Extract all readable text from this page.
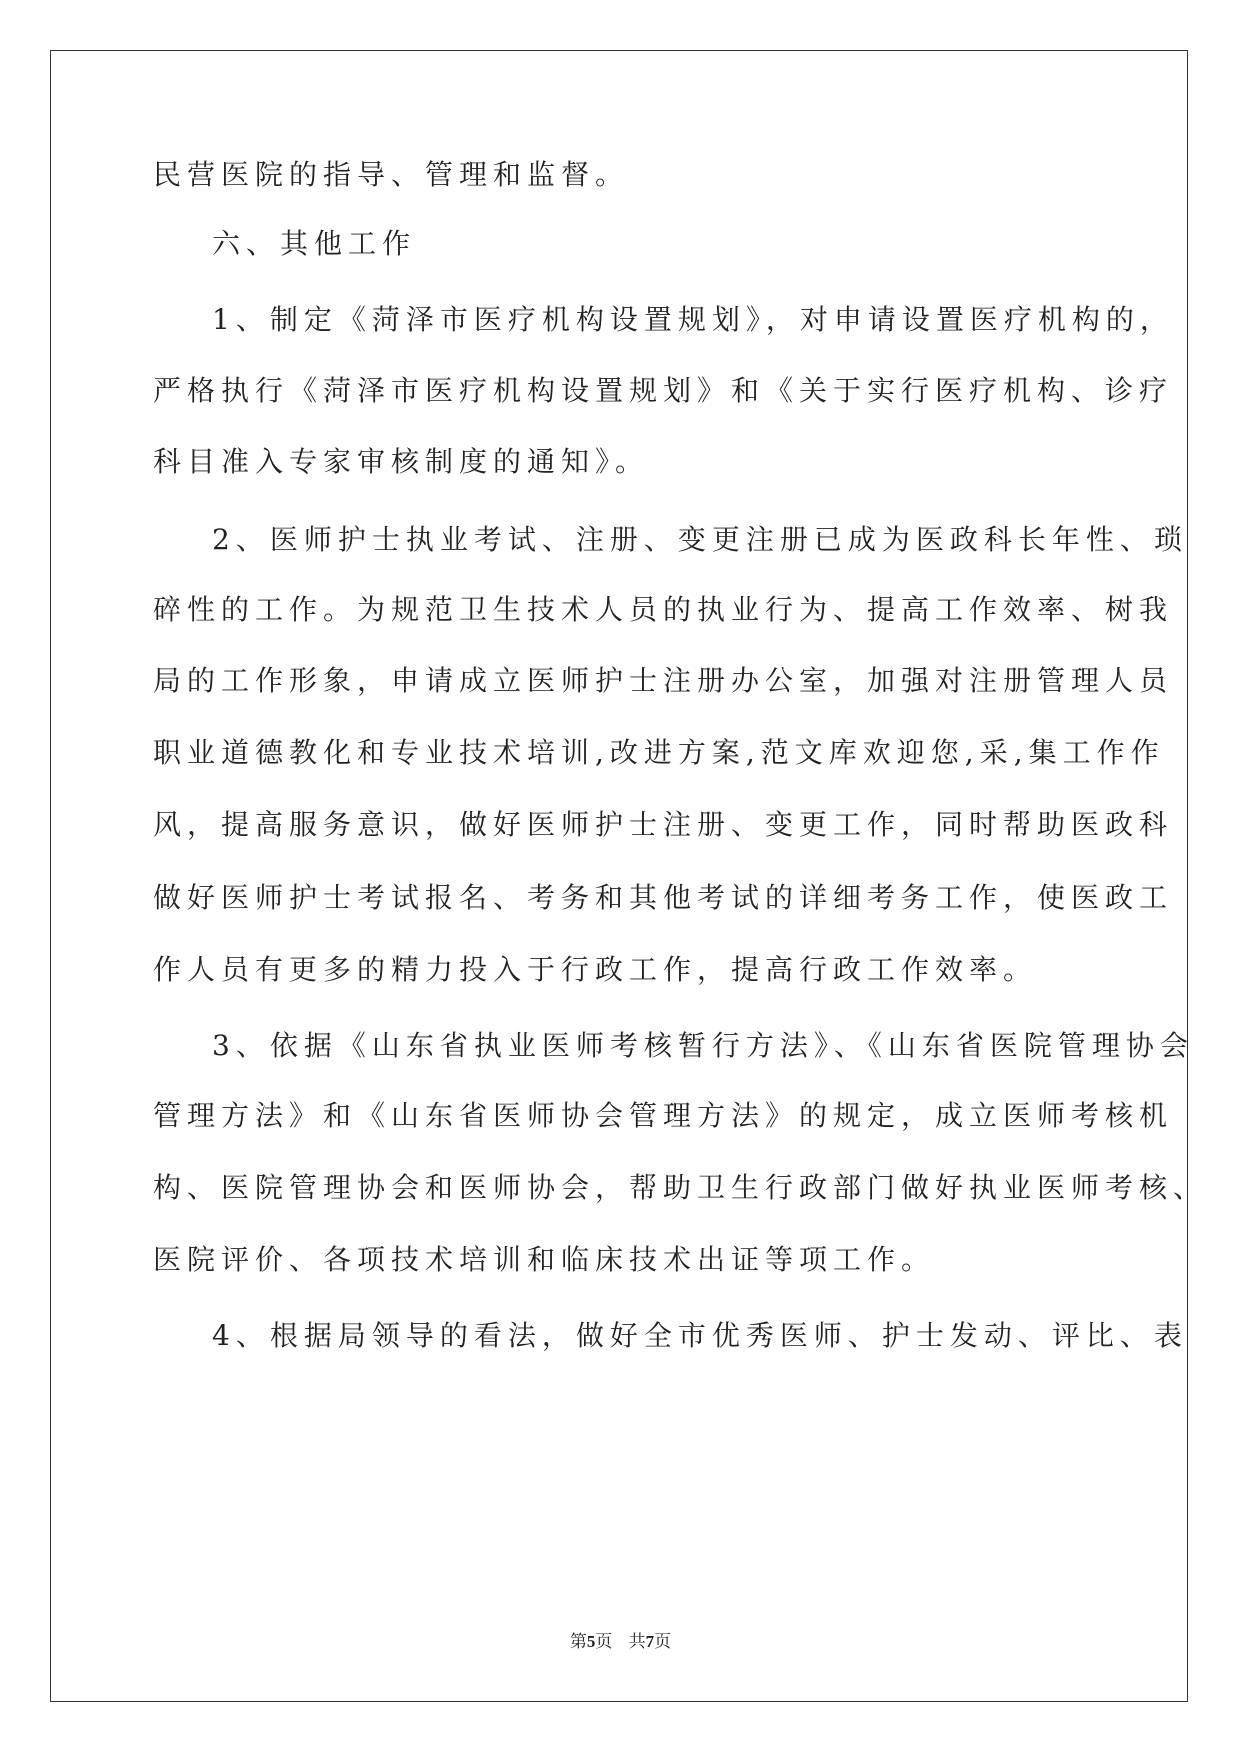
民营医院的指导、管理和监督。
六、其他工作
1、制定《菏泽市医疗机构设置规划》，对申请设置医疗机构的，
严格执行《菏泽市医疗机构设置规划》和《关于实行医疗机构、诊疗
科目准入专家审核制度的通知》。
2、医师护士执业考试、注册、变更注册已成为医政科长年性、琐
碎性的工作。为规范卫生技术人员的执业行为、提高工作效率、树我
局的工作形象，申请成立医师护士注册办公室，加强对注册管理人员
职业道德教化和专业技术培训,改进方案,范文库欢迎您,采,集工作作
风，提高服务意识，做好医师护士注册、变更工作，同时帮助医政科
做好医师护士考试报名、考务和其他考试的详细考务工作，使医政工
作人员有更多的精力投入于行政工作，提高行政工作效率。
3、依据《山东省执业医师考核暂行方法》、《山东省医院管理协会
管理方法》和《山东省医师协会管理方法》的规定，成立医师考核机
构、医院管理协会和医师协会，帮助卫生行政部门做好执业医师考核、
医院评价、各项技术培训和临床技术出证等项工作。
4、根据局领导的看法，做好全市优秀医师、护士发动、评比、表
第5页 共7页
